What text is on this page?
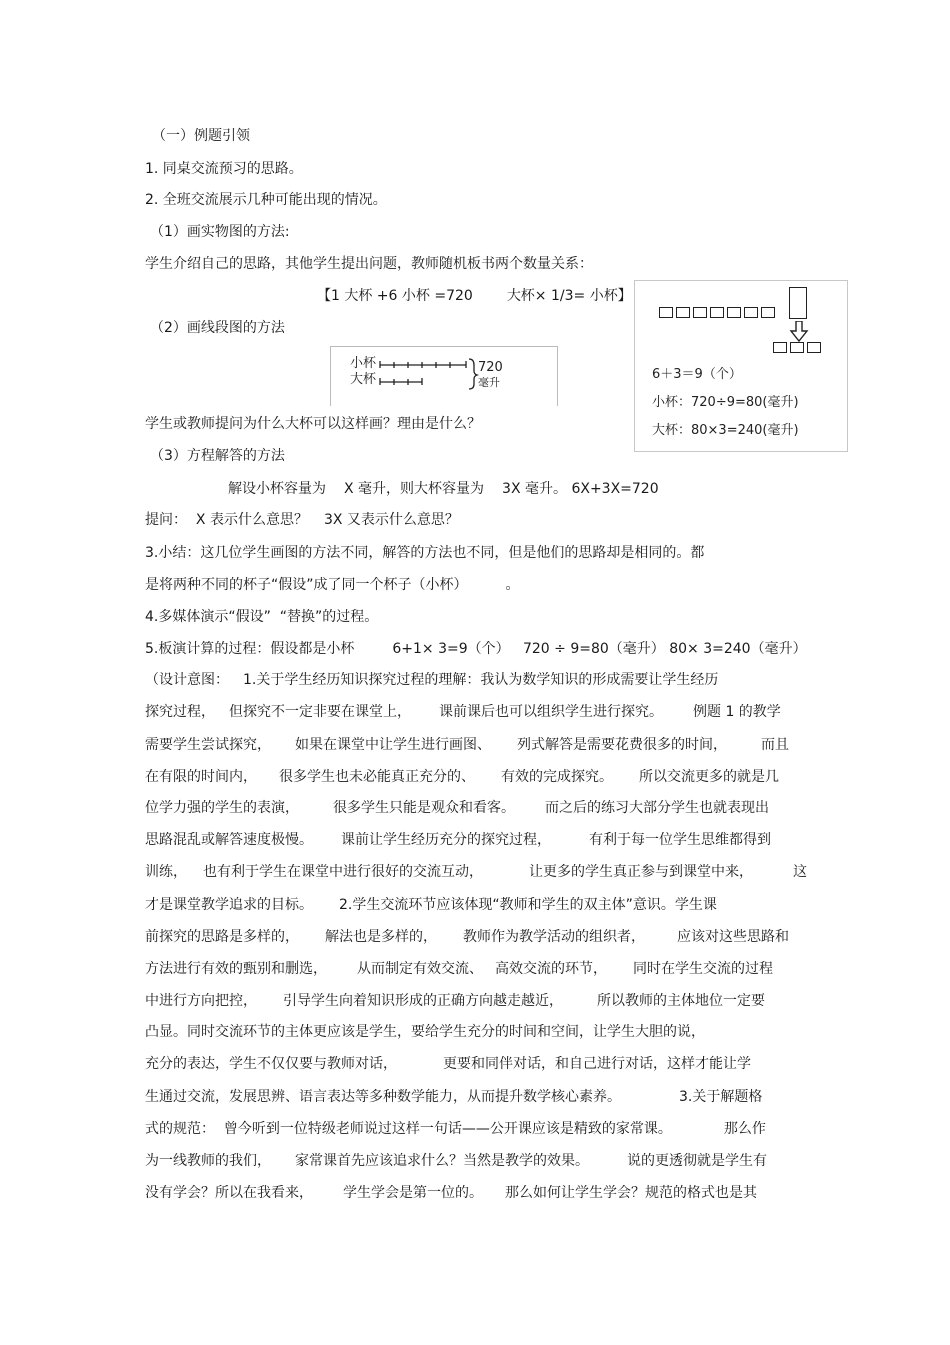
（一）例题引领
1. 同桌交流预习的思路。
2. 全班交流展示几种可能出现的情况。
（1）画实物图的方法:
学生介绍自己的思路，其他学生提出问题，教师随机板书两个数量关系：
【1 大杯 +6 小杯 =720 大杯× 1/3= 小杯】
（2）画线段图的方法
学生或教师提问为什么大杯可以这样画？理由是什么？
（3）方程解答的方法
解设小杯容量为 X 毫升，则大杯容量为 3X 毫升。 6X+3X=720
提问：  X 表示什么意思？ 3X 又表示什么意思？
3.小结：这几位学生画图的方法不同，解答的方法也不同，但是他们的思路却是相同的。都
是将两种不同的杯子“假设”成了同一个杯子（小杯）	。
4.多媒体演示“假设”  “替换”的过程。
5.板演计算的过程：假设都是小杯	6+1× 3=9（个）   720 ÷ 9=80（毫升） 80× 3=240（毫升）
（设计意图： 1.关于学生经历知识探究过程的理解：我认为数学知识的形成需要让学生经历
探究过程， 但探究不一定非要在课堂上， 课前课后也可以组织学生进行探究。 例题 1 的教学
需要学生尝试探究， 如果在课堂中让学生进行画图、 列式解答是需要花费很多的时间， 而且
在有限的时间内， 很多学生也未必能真正充分的、 有效的完成探究。 所以交流更多的就是几
位学力强的学生的表演， 很多学生只能是观众和看客。 而之后的练习大部分学生也就表现出
思路混乱或解答速度极慢。 课前让学生经历充分的探究过程，	有利于每一位学生思维都得到
训练， 也有利于学生在课堂中进行很好的交流互动，	让更多的学生真正参与到课堂中来，	这
才是课堂教学追求的目标。 2.学生交流环节应该体现“教师和学生的双主体”意识。学生课
前探究的思路是多样的， 解法也是多样的， 教师作为教学活动的组织者， 应该对这些思路和
方法进行有效的甄别和删选， 从而制定有效交流、 高效交流的环节， 同时在学生交流的过程
中进行方向把控， 引导学生向着知识形成的正确方向越走越近， 所以教师的主体地位一定要
凸显。同时交流环节的主体更应该是学生，要给学生充分的时间和空间，让学生大胆的说，
充分的表达，学生不仅仅要与教师对话，	更要和同伴对话，和自己进行对话，这样才能让学
生通过交流，发展思辨、语言表达等多种数学能力，从而提升数学核心素养。	3.关于解题格
式的规范：  曾今听到一位特级老师说过这样一句话——公开课应该是精致的家常课。	那么作
为一线教师的我们， 家常课首先应该追求什么？当然是教学的效果。	说的更透彻就是学生有
没有学会？所以在我看来， 学生学会是第一位的。 那么如何让学生学会？规范的格式也是其
小杯
大杯
720
毫升
6＋3＝9（个）
小杯：720÷9=80(毫升)
大杯：80×3=240(毫升)
